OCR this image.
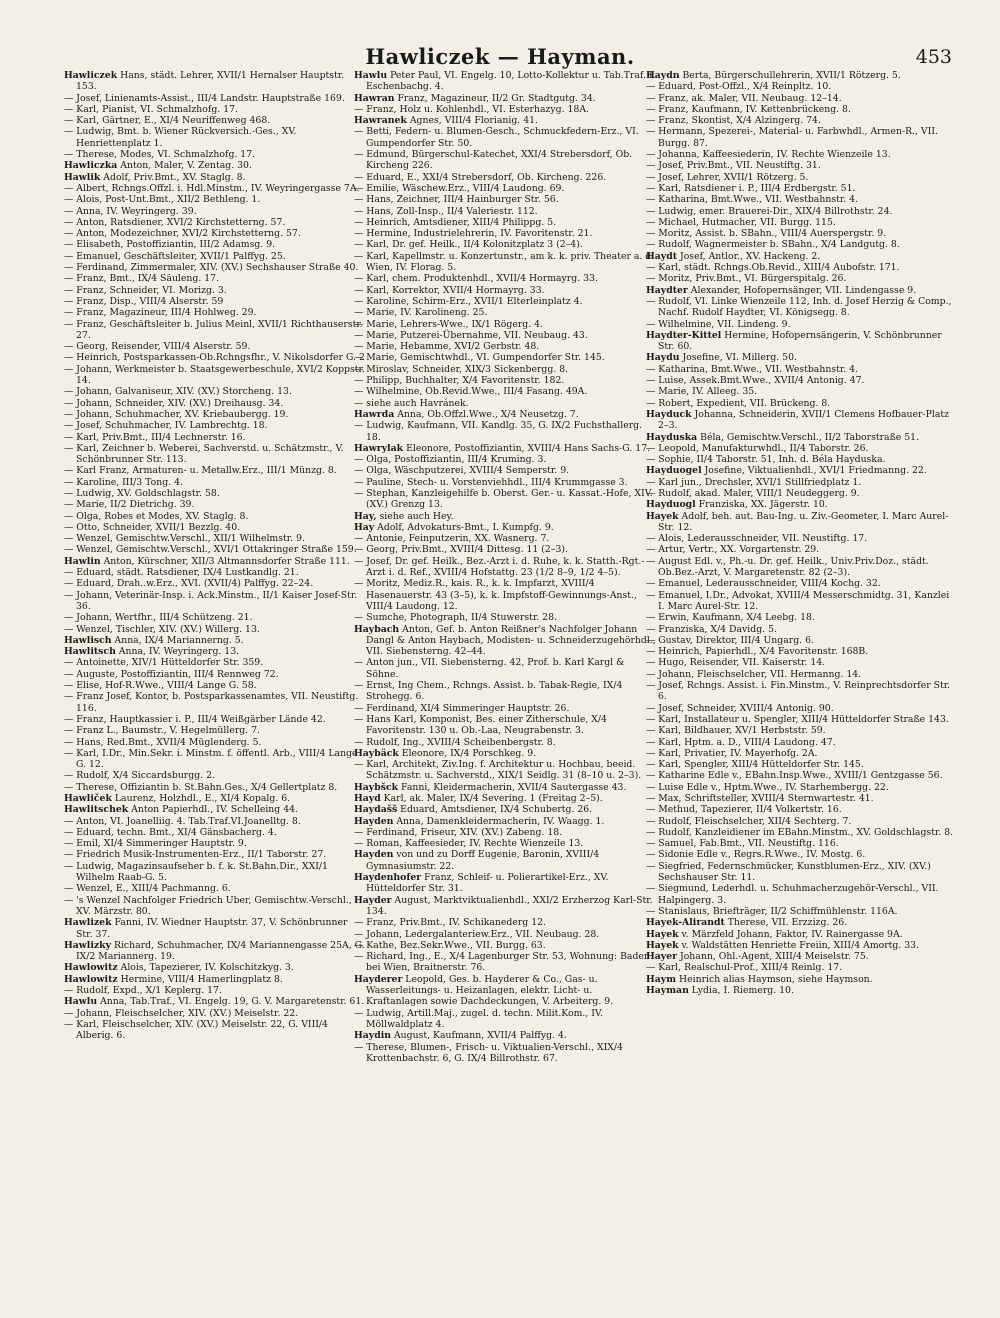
Hawliczek — Hayman.	453

Hawliczek Hans, städt. Lehrer, XVII/1 Hernalser Hauptstr. 153.

— Josef, Linienamts-Assist., III/4 Landstr. Hauptstraße 169.

— Karl, Pianist, VI. Schmalzhofg. 17.

— Karl, Gärtner, E., XI/4 Neuriffenweg 468.

— Ludwig, Bmt. b. Wiener Rückversich.-Ges., XV. Henriettenplatz 1.

— Therese, Modes, VI. Schmalzhofg. 17.

Hawliczka Anton, Maler, V. Zentag. 30.

Hawlik Adolf, Priv.Bmt., XV. Staglg. 8.

— Albert, Rchngs.Offzl. i. Hdl.Minstm., IV. Weyringergasse 7A.

— Alois, Post-Unt.Bmt., XII/2 Bethleng. 1.

— Anna, IV. Weyringerg. 39.

— Anton, Ratsdiener, XVI/2 Kirchstetterng. 57.

— Anton, Modezeichner, XVI/2 Kirchstetterng. 57.

— Elisabeth, Postoffiziantin, III/2 Adamsg. 9.

— Emanuel, Geschäftsleiter, XVII/1 Palffyg. 25.

— Ferdinand, Zimmermaler, XIV. (XV.) Sechshauser Straße 40.

— Franz, Bmt., IX/4 Säuleng. 17.

— Franz, Schneider, VI. Morizg. 3.

— Franz, Disp., VIII/4 Alserstr. 59

— Franz, Magazineur, III/4 Hohlweg. 29.

— Franz, Geschäftsleiter b. Julius Meinl, XVII/1 Richthauserstr. 27.

— Georg, Reisender, VIII/4 Alserstr. 59.

— Heinrich, Postsparkassen-Ob.Rchngsfhr., V. Nikolsdorfer G. 2

— Johann, Werkmeister b. Staatsgewerbeschule, XVI/2 Koppstr. 14.

— Johann, Galvaniseur, XIV. (XV.) Storcheng. 13.

— Johann, Schneider, XIV. (XV.) Dreihausg. 34.

— Johann, Schuhmacher, XV. Kriebaubergg. 19.

— Josef, Schuhmacher, IV. Lambrechtg. 18.

— Karl, Priv.Bmt., III/4 Lechnerstr. 16.

— Karl, Zeichner b. Weberei, Sachverstd. u. Schätzmstr., V. Schönbrunner Str. 113.

— Karl Franz, Armaturen- u. Metallw.Erz., III/1 Münzg. 8.

— Karoline, III/3 Tong. 4.

— Ludwig, XV. Goldschlagstr. 58.

— Marie, II/2 Dietrichg. 39.

— Olga, Robes et Modes, XV. Staglg. 8.

— Otto, Schneider, XVII/1 Bezzlg. 40.

— Wenzel, Gemischtw.Verschl., XII/1 Wilhelmstr. 9.

— Wenzel, Gemischtw.Verschl., XVI/1 Ottakringer Straße 159.

Hawlin Anton, Kürschner, XII/3 Altmannsdorfer Straße 111.

— Eduard, städt. Ratsdiener, IX/4 Lustkandlg. 21.

— Eduard, Drah..w.Erz., XVI. (XVII/4) Palffyg. 22–24.

— Johann, Veterinär-Insp. i. Ack.Minstm., II/1 Kaiser Josef-Str. 36.

— Johann, Wertfhr., III/4 Schützeng. 21.

— Wenzel, Tischler, XIV. (XV.) Willerg. 13.

Hawlisch Anna, IX/4 Mariannerng. 5.

Hawlitsch Anna, IV. Weyringerg. 13.

— Antoinette, XIV/1 Hütteldorfer Str. 359.

— Auguste, Postoffiziantin, III/4 Rennweg 72.

— Elise, Hof-R.Wwe., VIII/4 Lange G. 58.

— Franz Josef, Kontor, b. Postsparkassenamtes, VII. Neustiftg. 116.

— Franz, Hauptkassier i. P., III/4 Weißgärber Lände 42.

— Franz L., Baumstr., V. Hegelmüllerg. 7.

— Hans, Red.Bmt., XVII/4 Müglenderg. 5.

— Karl, I.Dr., Min.Sekr. i. Minstm. f. öffentl. Arb., VIII/4 Lange G. 12.

— Rudolf, X/4 Siccardsburgg. 2.

— Therese, Offiziantin b. St.Bahn.Ges., X/4 Gellertplatz 8.

Hawliček Laurenz, Holzhdl., E., XI/4 Kopalg. 6.

Hawlitschek Anton Papierhdl., IV. Schelleing 44.

— Anton, VI. Joanelliig. 4. Tab.Traf.VI.Joanelltg. 8.

— Eduard, techn. Bmt., XI/4 Gänsbacherg. 4.

— Emil, XI/4 Simmeringer Hauptstr. 9.

— Friedrich Musik-Instrumenten-Erz., II/1 Taborstr. 27.

— Ludwig, Magazinsaufseher b. f. k. St.Bahn.Dir., XXI/1 Wilhelm Raab-G. 5.

— Wenzel, E., XIII/4 Pachmanng. 6.

— 's Wenzel Nachfolger Friedrich Uber, Gemischtw.-Verschl., XV. Märzstr. 80.

Hawlizek Fanni, IV. Wiedner Hauptstr. 37, V. Schönbrunner Str. 37.

Hawlizky Richard, Schuhmacher, IX/4 Mariannengasse 25A, G. IX/2 Mariannerg. 19.

Hawlowitz Alois, Tapezierer, IV. Kolschitzkyg. 3.

Hawlowitz Hermine, VIII/4 Hamerlingplatz 8.

— Rudolf, Expd., X/1 Keplerg. 17.

Hawlu Anna, Tab.Traf., VI. Engelg. 19, G. V. Margaretenstr. 61.

— Johann, Fleischselcher, XIV. (XV.) Meiselstr. 22.

— Karl, Fleischselcher, XIV. (XV.) Meiselstr. 22, G. VIII/4 Alberig. 6.

Hawlu Peter Paul, VI. Engelg. 10, Lotto-Kollektur u. Tab.Traf. I. Eschenbachg. 4.

Hawran Franz, Magazineur, II/2 Gr. Stadtgutg. 34.

— Franz, Holz u. Kohlenhdl., VI. Esterhazyg. 18A.

Hawranek Agnes, VIII/4 Florianig. 41.

— Betti, Federn- u. Blumen-Gesch., Schmuckfedern-Erz., VI. Gumpendorfer Str. 50.

— Edmund, Bürgerschul-Katechet, XXI/4 Strebersdorf, Ob. Kircheng 226.

— Eduard, E., XXI/4 Strebersdorf, Ob. Kircheng. 226.

— Emilie, Wäschew.Erz., VIII/4 Laudong. 69.

— Hans, Zeichner, III/4 Hainburger Str. 56.

— Hans, Zoll-Insp., II/4 Valeriestr. 112.

— Heinrich, Amtsdiener, XIII/4 Philippg. 5.

— Hermine, Industrielehrerin, IV. Favoritenstr. 21.

— Karl, Dr. gef. Heilk., II/4 Kolonitzplatz 3 (2–4).

— Karl, Kapellmstr. u. Konzertunstr., am k. k. priv. Theater a. d. Wien, IV. Florag. 5.

— Karl, chem. Produktenhdl., XVII/4 Hormayrg. 33.

— Karl, Korrektor, XVII/4 Hormayrg. 33.

— Karoline, Schirm-Erz., XVII/1 Elterleinplatz 4.

— Marie, IV. Karolineng. 25.

— Marie, Lehrers-Wwe., IX/1 Rögerg. 4.

— Marie, Putzerei-Übernahme, VII. Neubaug. 43.

— Marie, Hebamme, XVI/2 Gerbstr. 48.

— Marie, Gemischtwhdl., VI. Gumpendorfer Str. 145.

— Miroslav, Schneider, XIX/3 Sickenbergg. 8.

— Philipp, Buchhalter, X/4 Favoritenstr. 182.

— Wilhelmine, Ob.Revid.Wwe., III/4 Fasang. 49A.

— siehe auch Havránek.

Hawrda Anna, Ob.Offzl.Wwe., X/4 Neusetzg. 7.

— Ludwig, Kaufmann, VII. Kandlg. 35, G. IX/2 Fuchsthallerg. 18.

Hawrylak Eleonore, Postoffiziantin, XVIII/4 Hans Sachs-G. 17.

— Olga, Postoffiziantin, III/4 Kruming. 3.

— Olga, Wäschputzerei, XVIII/4 Semperstr. 9.

— Pauline, Stech- u. Vorstenviehhdl., III/4 Krummgasse 3.

— Stephan, Kanzleigehilfe b. Oberst. Ger.- u. Kassat.-Hofe, XIV. (XV.) Grenzg 13.

Hay, siehe auch Hey.

Hay Adolf, Advokaturs-Bmt., I. Kumpfg. 9.

— Antonie, Feinputzerin, XX. Wasnerg. 7.

— Georg, Priv.Bmt., XVIII/4 Dittesg. 11 (2–3).

— Josef, Dr. gef. Heilk., Bez.-Arzt i. d. Ruhe, k. k. Statth.-Rgt.-Arzt i. d. Ref., XVIII/4 Hofstattg. 23 (1/2 8–9, 1/2 4–5).

— Moritz, Mediz.R., kais. R., k. k. Impfarzt, XVIII/4 Hasenauerstr. 43 (3–5), k. k. Impfstoff-Gewinnungs-Anst., VIII/4 Laudong. 12.

— Sumche, Photograph, II/4 Stuwerstr. 28.

Haybach Anton, Gef. b. Anton Reißner's Nachfolger Johann Dangl & Anton Haybach, Modisten- u. Schneiderzugehörhdl., VII. Siebensterng. 42–44.

— Anton jun., VII. Siebensterng. 42, Prof. b. Karl Kargl & Söhne.

— Ernst, Ing Chem., Rchngs. Assist. b. Tabak-Regie, IX/4 Strohegg. 6.

— Ferdinand, XI/4 Simmeringer Hauptstr. 26.

— Hans Karl, Komponist, Bes. einer Zitherschule, X/4 Favoritenstr. 130 u. Ob.-Laa, Neugrabenstr. 3.

— Rudolf, Ing., XVIII/4 Scheibenbergstr. 8.

Haybäck Eleonore, IX/4 Porschkeg. 9.

— Karl, Architekt, Ziv.Ing. f. Architektur u. Hochbau, beeid. Schätzmstr. u. Sachverstd., XIX/1 Seidlg. 31 (8–10 u. 2–3).

Haybšck Fanni, Kleidermacherin, XVII/4 Sautergasse 43.

Hayd Karl, ak. Maler, IX/4 Severing. 1 (Freitag 2–5).

Haydašš Eduard, Amtsdiener, IX/4 Schubertg. 26.

Hayden Anna, Damenkleidermacherin, IV. Waagg. 1.

— Ferdinand, Friseur, XIV. (XV.) Zabeng. 18.

— Roman, Kaffeesieder, IV. Rechte Wienzeile 13.

Hayden von und zu Dorff Eugenie, Baronin, XVIII/4 Gymnasiumstr. 22.

Haydenhofer Franz, Schleif- u. Polierartikel-Erz., XV. Hütteldorfer Str. 31.

Hayder August, Marktviktualienhdl., XXI/2 Erzherzog Karl-Str. 134.

— Franz, Priv.Bmt., IV. Schikanederg 12.

— Johann, Ledergalanteriew.Erz., VII. Neubaug. 28.

— Kathe, Bez.Sekr.Wwe., VII. Burgg. 63.

— Richard, Ing., E., X/4 Lagenburger Str. 53, Wohnung: Baden bei Wien, Braitnerstr. 76.

Hayderer Leopold, Ges. b. Hayderer & Co., Gas- u. Wasserleitungs- u. Heizanlagen, elektr. Licht- u. Kraftanlagen sowie Dachdeckungen, V. Arbeiterg. 9.

— Ludwig, Artill.Maj., zugel. d. techn. Milit.Kom., IV. Möllwaldplatz 4.

Haydin August, Kaufmann, XVII/4 Palffyg. 4.

— Therese, Blumen-, Frisch- u. Viktualien-Verschl., XIX/4 Krottenbachstr. 6, G. IX/4 Billrothstr. 67.

Haydn Berta, Bürgerschullehrerin, XVII/1 Rötzerg. 5.

— Eduard, Post-Offzl., X/4 Reinpltz. 10.

— Franz, ak. Maler, VII. Neubaug. 12–14.

— Franz, Kaufmann, IV. Kettenbrückeng. 8.

— Franz, Skontist, X/4 Alzingerg. 74.

— Hermann, Spezerei-, Material- u. Farbwhdl., Armen-R., VII. Burgg. 87.

— Johanna, Kaffeesiederin, IV. Rechte Wienzeile 13.

— Josef, Priv.Bmt., VII. Neustiftg. 31.

— Josef, Lehrer, XVII/1 Rötzerg. 5.

— Karl, Ratsdiener i. P., III/4 Erdbergstr. 51.

— Katharina, Bmt.Wwe., VII. Westbahnstr. 4.

— Ludwig, emer. Brauerei-Dir., XIX/4 Billrothstr. 24.

— Michael, Hutmacher, VII. Burgg. 115.

— Moritz, Assist. b. SBahn., VIII/4 Auerspergstr. 9.

— Rudolf, Wagnermeister b. SBahn., X/4 Landgutg. 8.

Haydt Josef, Antlor., XV. Hackeng. 2.

— Karl, städt. Rchngs.Ob.Revid., XIII/4 Aubofstr. 171.

— Moritz, Priv.Bmt., VI. Bürgerspitalg. 26.

Haydter Alexander, Hofopernsänger, VII. Lindengasse 9.

— Rudolf, VI. Linke Wienzeile 112, Inh. d. Josef Herzig & Comp., Nachf. Rudolf Haydter, VI. Königsegg. 8.

— Wilhelmine, VII. Lindeng. 9.

Haydter-Kittel Hermine, Hofopernsängerin, V. Schönbrunner Str. 60.

Haydu Josefine, VI. Millerg. 50.

— Katharina, Bmt.Wwe., VII. Westbahnstr. 4.

— Luise, Assek.Bmt.Wwe., XVII/4 Antonig. 47.

— Marie, IV. Alleeg. 35.

— Robert, Expedient, VII. Brückeng. 8.

Hayduck Johanna, Schneiderin, XVII/1 Clemens Hofbauer-Platz 2–3.

Hayduska Béla, Gemischtw.Verschl., II/2 Taborstraße 51.

— Leopold, Manufakturwhdl., II/4 Taborstr. 26.

— Sophie, II/4 Taborstr. 51, Inh. d. Béla Hayduska.

Hayduogel Josefine, Viktualienhdl., XVI/1 Friedmanng. 22.

— Karl jun., Drechsler, XVI/1 Stillfriedplatz 1.

— Rudolf, akad. Maler, VIII/1 Neudeggerg. 9.

Hayduogl Franziska, XX. Jägerstr. 10.

Hayek Adolf, beh. aut. Bau-Ing. u. Ziv.-Geometer, I. Marc Aurel-Str. 12.

— Alois, Lederausschneider, VII. Neustiftg. 17.

— Artur, Vertr., XX. Vorgartenstr. 29.

— August Edl. v., Ph.-u. Dr. gef. Heilk., Univ.Priv.Doz., städt. Ob.Bez.-Arzt, V. Margaretenstr. 82 (2–3).

— Emanuel, Lederausschneider, VIII/4 Kochg. 32.

— Emanuel, I.Dr., Advokat, XVIII/4 Messerschmidtg. 31, Kanzlei I. Marc Aurel-Str. 12.

— Erwin, Kaufmann, X/4 Leebg. 18.

— Franziska, X/4 Davidg. 5.

— Gustav, Direktor, III/4 Ungarg. 6.

— Heinrich, Papierhdl., X/4 Favoritenstr. 168B.

— Hugo, Reisender, VII. Kaiserstr. 14.

— Johann, Fleischselcher, VII. Hermanng. 14.

— Josef, Rchngs. Assist. i. Fin.Minstm., V. Reinprechtsdorfer Str. 6.

— Josef, Schneider, XVIII/4 Antonig. 90.

— Karl, Installateur u. Spengler, XIII/4 Hütteldorfer Straße 143.

— Karl, Bildhauer, XV/1 Herbststr. 59.

— Karl, Hptm. a. D., VIII/4 Laudong. 47.

— Karl, Privatier, IV. Mayerhofg. 2A.

— Karl, Spengler, XIII/4 Hütteldorfer Str. 145.

— Katharine Edle v., EBahn.Insp.Wwe., XVIII/1 Gentzgasse 56.

— Luise Edle v., Hptm.Wwe., IV. Starhembergg. 22.

— Max, Schriftsteller, XVIII/4 Sternwartestr. 41.

— Methud, Tapezierer, II/4 Volkertstr. 16.

— Rudolf, Fleischselcher, XII/4 Sechterg. 7.

— Rudolf, Kanzleidiener im EBahn.Minstm., XV. Goldschlagstr. 8.

— Samuel, Fab.Bmt., VII. Neustiftg. 116.

— Sidonie Edle v., Regrs.R.Wwe., IV. Mostg. 6.

— Siegfried, Federnschmücker, Kunstblumen-Erz., XIV. (XV.) Sechshauser Str. 11.

— Siegmund, Lederhdl. u. Schuhmacherzugehör-Verschl., VII. Halpingerg. 3.

— Stanislaus, Briefträger, II/2 Schiffmühlenstr. 116A.

Hayek-Alirandt Therese, VII. Erzzizg. 26.

Hayek v. Märzfeld Johann, Faktor, IV. Rainergasse 9A.

Hayek v. Waldstätten Henriette Freiin, XIII/4 Amortg. 33.

Hayer Johann, Ohl.-Agent, XIII/4 Meiselstr. 75.

— Karl, Realschul-Prof., XIII/4 Reinlg. 17.

Haym Heinrich alias Haymson, siehe Haymson.

Hayman Lydia, I. Riemerg. 10.
